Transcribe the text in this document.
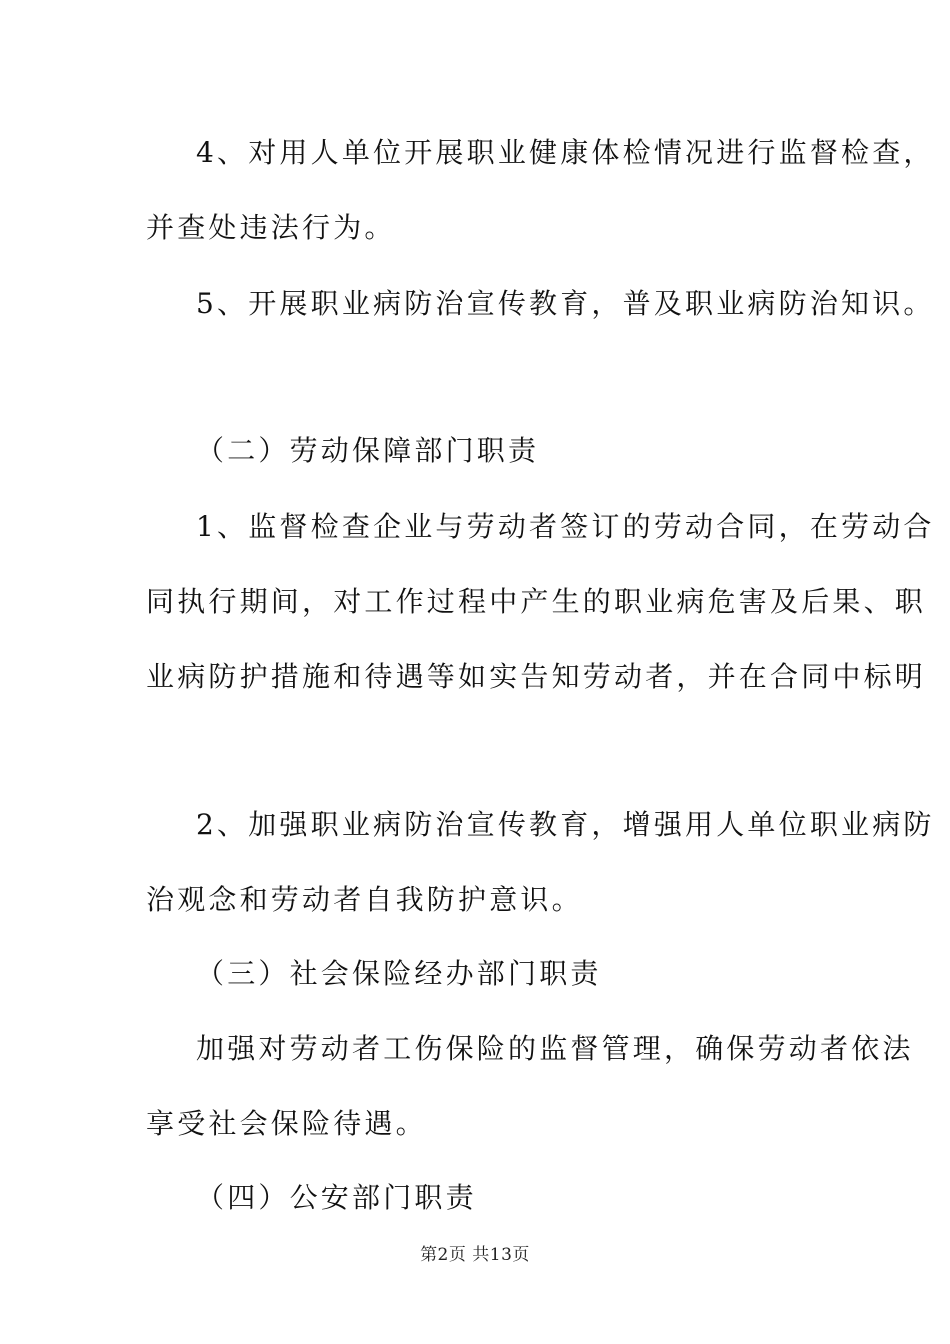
4、对用人单位开展职业健康体检情况进行监督检查，
并查处违法行为。
5、开展职业病防治宣传教育，普及职业病防治知识。
（二）劳动保障部门职责
1、监督检查企业与劳动者签订的劳动合同，在劳动合
同执行期间，对工作过程中产生的职业病危害及后果、职
业病防护措施和待遇等如实告知劳动者，并在合同中标明
2、加强职业病防治宣传教育，增强用人单位职业病防
治观念和劳动者自我防护意识。
（三）社会保险经办部门职责
加强对劳动者工伤保险的监督管理，确保劳动者依法
享受社会保险待遇。
（四）公安部门职责
第2页 共13页
